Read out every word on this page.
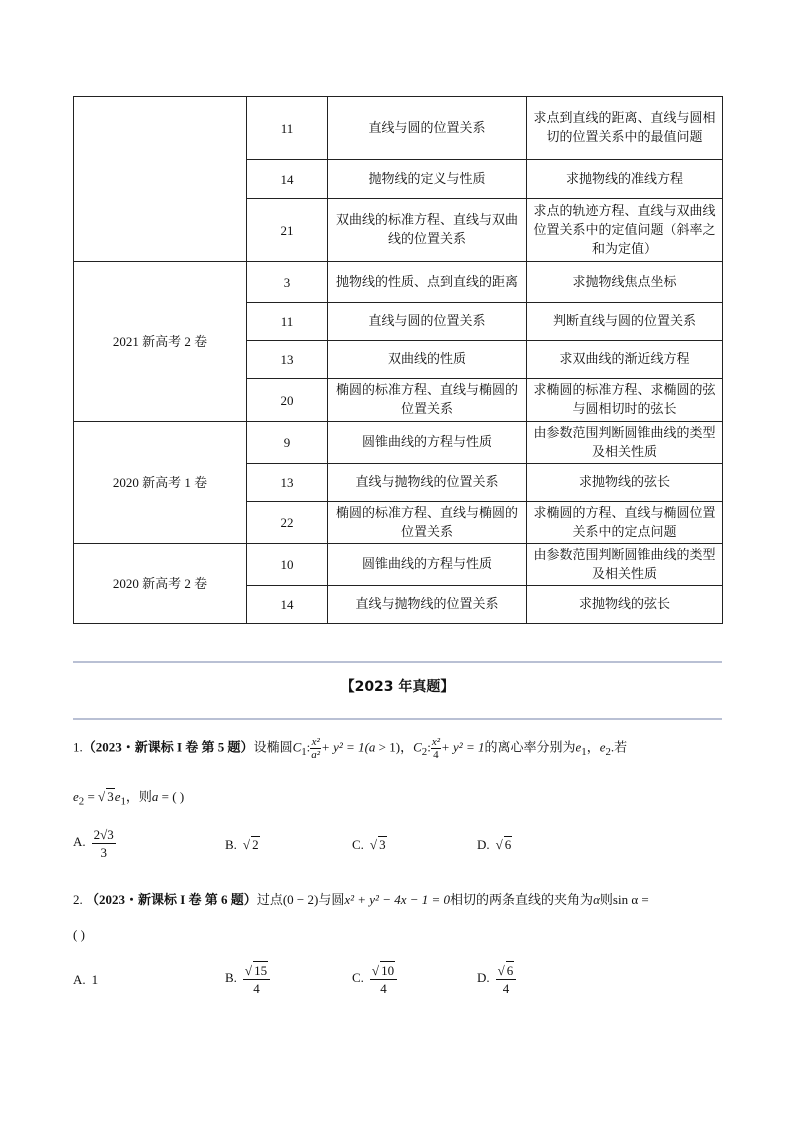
	11	直线与圆的位置关系	求点到直线的距离、直线与圆相切的位置关系中的最值问题
	14	抛物线的定义与性质	求抛物线的准线方程
	21	双曲线的标准方程、直线与双曲线的位置关系	求点的轨迹方程、直线与双曲线位置关系中的定值问题（斜率之和为定值）
2021 新高考 2 卷	3	抛物线的性质、点到直线的距离	求抛物线焦点坐标
	11	直线与圆的位置关系	判断直线与圆的位置关系
	13	双曲线的性质	求双曲线的渐近线方程
	20	椭圆的标准方程、直线与椭圆的位置关系	求椭圆的标准方程、求椭圆的弦与圆相切时的弦长
2020 新高考 1 卷	9	圆锥曲线的方程与性质	由参数范围判断圆锥曲线的类型及相关性质
	13	直线与抛物线的位置关系	求抛物线的弦长
	22	椭圆的标准方程、直线与椭圆的位置关系	求椭圆的方程、直线与椭圆位置关系中的定点问题
2020 新高考 2 卷	10	圆锥曲线的方程与性质	由参数范围判断圆锥曲线的类型及相关性质
	14	直线与抛物线的位置关系	求抛物线的弦长
【2023 年真题】
1.（2023・新课标 I 卷 第 5 题）设椭圆$C_1$: $\frac{\text{x²}}{\text{a²}} + y^2 = 1(a > 1)$，$C_2$: $\frac{\text{x²}}{4} + y^2 = 1$的离心率分别为$e_1$，$e_2$.若
$e_2$ = √ $3e_1$，则a = ( )
A. $\frac{2√3}{3}$	B. √ 2	C. √ 3	D. √ 6
2. （2023・新课标 I 卷 第 6 题）过点(0 − 2)与圆x² + y² − 4x − 1 = 0相切的两条直线的夹角为α则sin α =
( )
A. 1	B. $\frac{√ 15}{4}$	C. $\frac{√ 10}{4}$	D. $\frac{√ 6}{4}$
